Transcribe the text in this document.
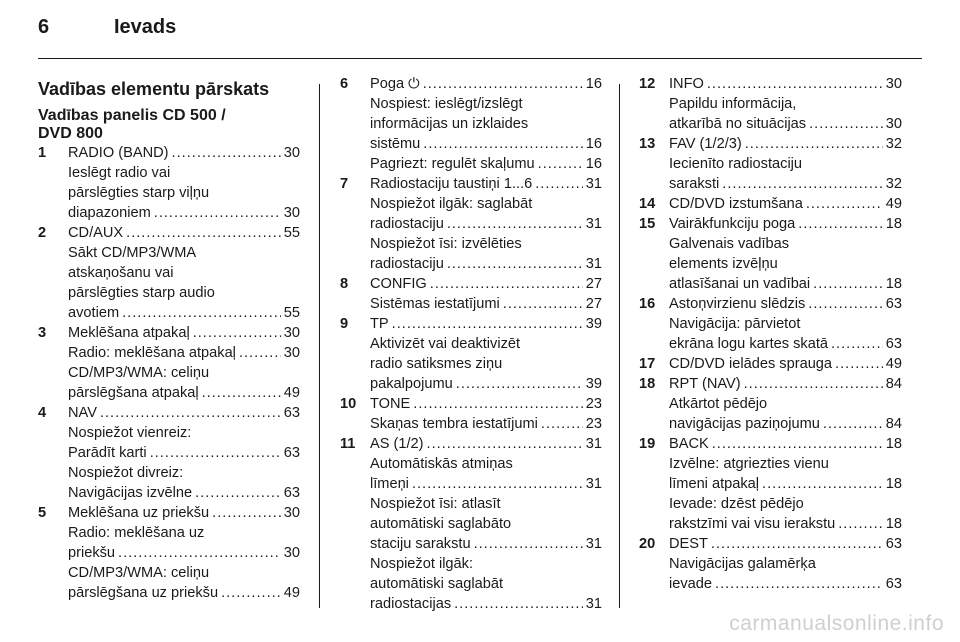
6	Ievads
Vadības elementu pārskats
Vadības panelis CD 500 /
DVD 800
1 RADIO (BAND) .....	30
Ieslēgt radio vai
pārslēgties starp viļņu
diapazoniem .....	30
2 CD/AUX .....	55
Sākt CD/MP3/WMA
atskaņošanu vai
pārslēgties starp audio
avotiem .....	55
3 Meklēšana atpakaļ .....	30
Radio: meklēšana atpakaļ .....	30
CD/MP3/WMA: celiņu
pārslēgšana atpakaļ .....	49
4 NAV .....	63
Nospiežot vienreiz:
Parādīt karti .....	63
Nospiežot divreiz:
Navigācijas izvēlne .....	63
5 Meklēšana uz priekšu .....	30
Radio: meklēšana uz
priekšu .....	30
CD/MP3/WMA: celiņu
pārslēgšana uz priekšu .....	49
6 Poga ⏻ .....	16
Nospiest: ieslēgt/izslēgt
informācijas un izklaides
sistēmu .....	16
Pagriezt: regulēt skaļumu .....	16
7 Radiostaciju taustiņi 1...6 .....	31
Nospiežot ilgāk: saglabāt
radiostaciju .....	31
Nospiežot īsi: izvēlēties
radiostaciju .....	31
8 CONFIG .....	27
Sistēmas iestatījumi .....	27
9 TP .....	39
Aktivizēt vai deaktivizēt
radio satiksmes ziņu
pakalpojumu .....	39
10 TONE .....	23
Skaņas tembra iestatījumi .....	23
11 AS (1/2) .....	31
Automātiskās atmiņas
līmeņi .....	31
Nospiežot īsi: atlasīt
automātiski saglabāto
staciju sarakstu .....	31
Nospiežot ilgāk:
automātiski saglabāt
radiostacijas .....	31
12 INFO .....	30
Papildu informācija,
atkarībā no situācijas .....	30
13 FAV (1/2/3) .....	32
Iecienīto radiostaciju
saraksti .....	32
14 CD/DVD izstumšana .....	49
15 Vairākfunkciju poga .....	18
Galvenais vadības
elements izvēļņu
atlasīšanai un vadībai .....	18
16 Astoņvirzienu slēdzis .....	63
Navigācija: pārvietot
ekrāna logu kartes skatā .....	63
17 CD/DVD ielādes sprauga .....	49
18 RPT (NAV) .....	84
Atkārtot pēdējo
navigācijas paziņojumu .....	84
19 BACK .....	18
Izvēlne: atgriezties vienu
līmeni atpakaļ .....	18
Ievade: dzēst pēdējo
rakstzīmi vai visu ierakstu .....	18
20 DEST .....	63
Navigācijas galamērķa
ievade .....	63
carmanualsonline.info
